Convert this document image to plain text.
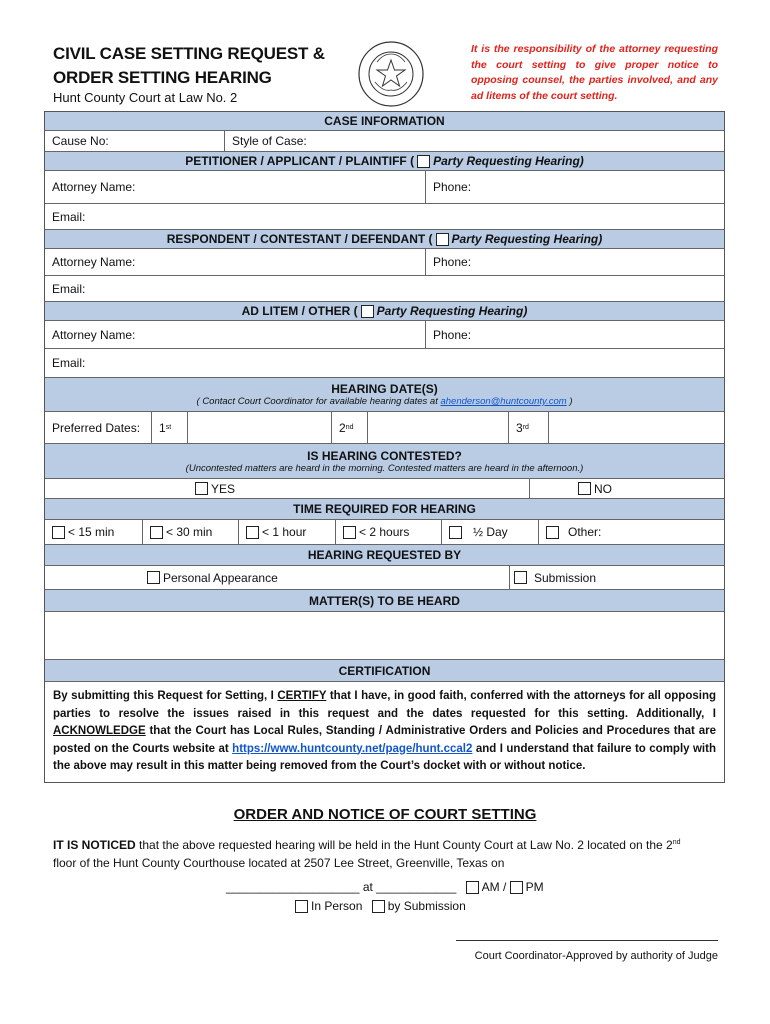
CIVIL CASE SETTING REQUEST &
ORDER SETTING HEARING
Hunt County Court at Law No. 2
It is the responsibility of the attorney requesting the court setting to give proper notice to opposing counsel, the parties involved, and any ad litems of the court setting.
CASE INFORMATION
Cause No:	Style of Case:
PETITIONER / APPLICANT / PLAINTIFF ( Party Requesting Hearing)
Attorney Name:	Phone:
Email:
RESPONDENT / CONTESTANT / DEFENDANT ( Party Requesting Hearing)
Attorney Name:	Phone:
Email:
AD LITEM / OTHER ( Party Requesting Hearing)
Attorney Name:	Phone:
Email:
HEARING DATE(S)
( Contact Court Coordinator for available hearing dates at ahenderson@huntcounty.com )
Preferred Dates: 1 st	2 nd	3 rd
IS HEARING CONTESTED?
(Uncontested matters are heard in the morning. Contested matters are heard in the afternoon.)
YES	NO
TIME REQUIRED FOR HEARING
< 15 min	< 30 min	< 1 hour	< 2 hours	½ Day	Other:
HEARING REQUESTED BY
Personal Appearance	Submission
MATTER(S) TO BE HEARD
CERTIFICATION
By submitting this Request for Setting, I CERTIFY that I have, in good faith, conferred with the attorneys for all opposing parties to resolve the issues raised in this request and the dates requested for this setting. Additionally, I ACKNOWLEDGE that the Court has Local Rules, Standing / Administrative Orders and Policies and Procedures that are posted on the Courts website at https://www.huntcounty.net/page/hunt.ccal2 and I understand that failure to comply with the above may result in this matter being removed from the Court’s docket with or without notice.
ORDER AND NOTICE OF COURT SETTING
IT IS NOTICED that the above requested hearing will be held in the Hunt County Court at Law No. 2 located on the 2nd
floor of the Hunt County Courthouse located at 2507 Lee Street, Greenville, Texas on
____________________ at ____________ AM / PM
In Person by Submission
Court Coordinator-Approved by authority of Judge
